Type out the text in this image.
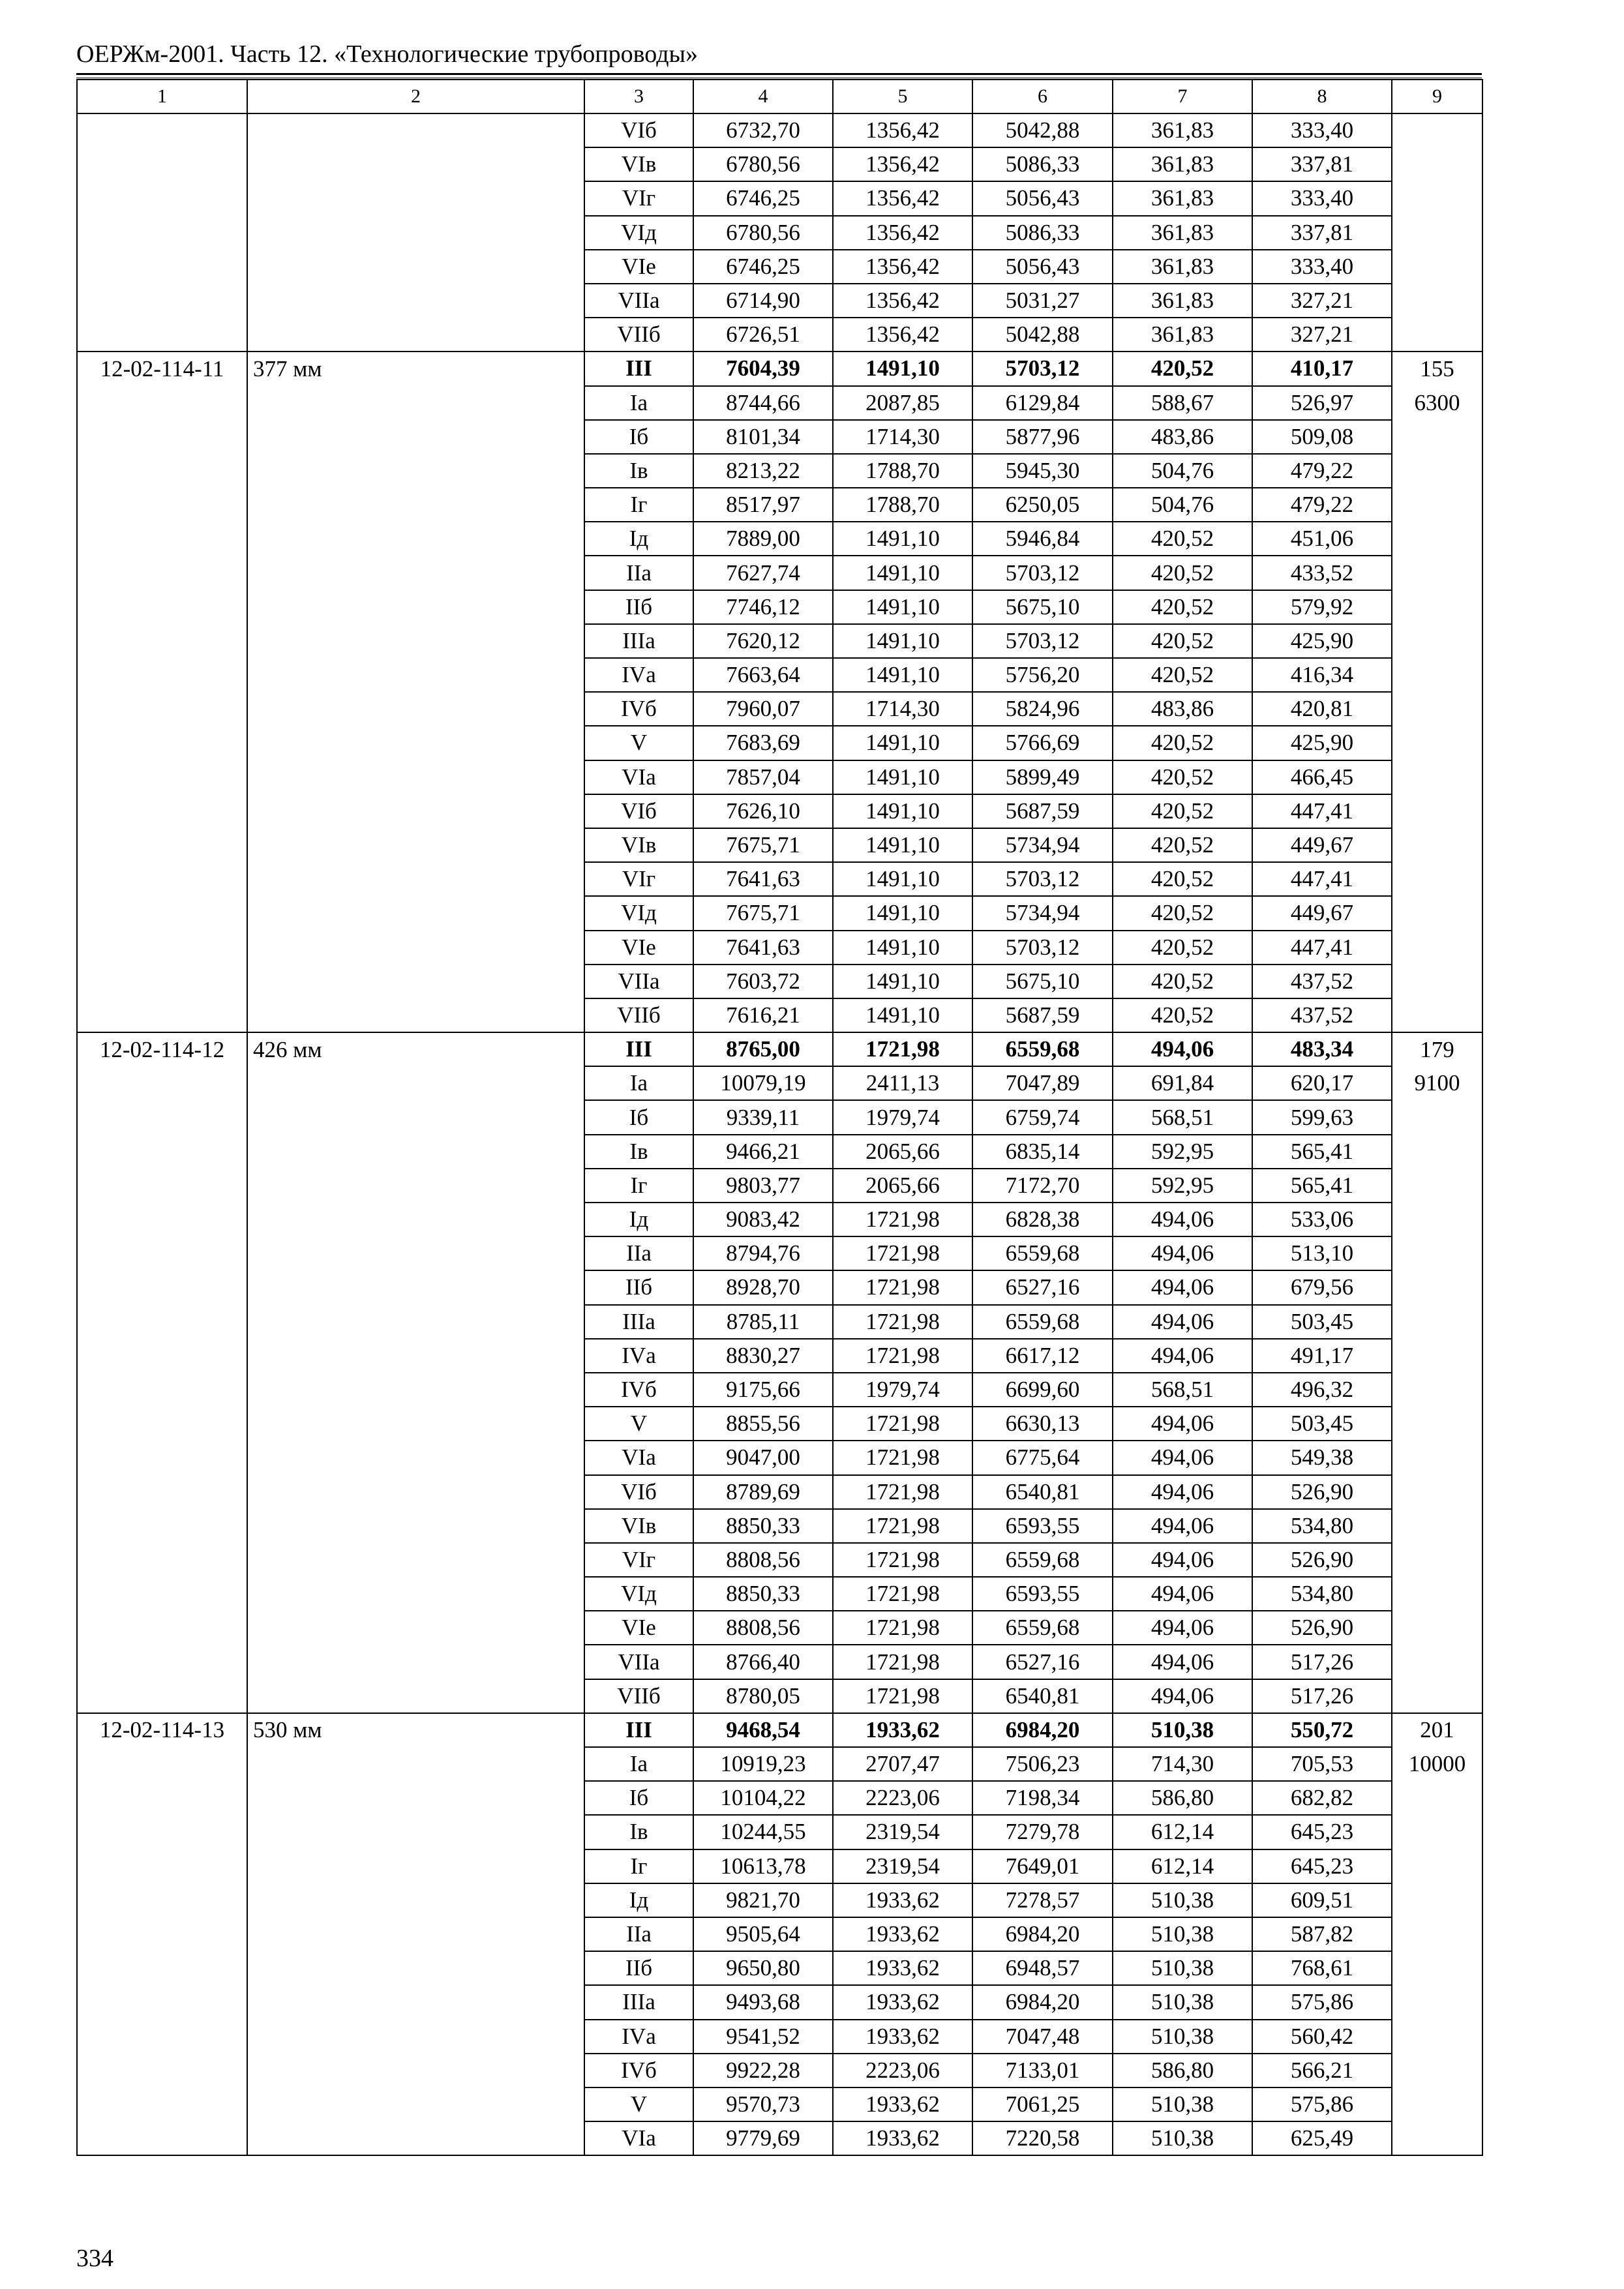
ОЕРЖм-2001. Часть 12. «Технологические трубопроводы»
1	2	3	4	5	6	7	8	9
		VIб	6732,70	1356,42	5042,88	361,83	333,40	
		VIв	6780,56	1356,42	5086,33	361,83	337,81	
		VIг	6746,25	1356,42	5056,43	361,83	333,40	
		VIд	6780,56	1356,42	5086,33	361,83	337,81	
		VIе	6746,25	1356,42	5056,43	361,83	333,40	
		VIIа	6714,90	1356,42	5031,27	361,83	327,21	
		VIIб	6726,51	1356,42	5042,88	361,83	327,21	
12-02-114-11	377 мм	III	7604,39	1491,10	5703,12	420,52	410,17	155
		Iа	8744,66	2087,85	6129,84	588,67	526,97	6300
		Iб	8101,34	1714,30	5877,96	483,86	509,08	
		Iв	8213,22	1788,70	5945,30	504,76	479,22	
		Iг	8517,97	1788,70	6250,05	504,76	479,22	
		Iд	7889,00	1491,10	5946,84	420,52	451,06	
		IIа	7627,74	1491,10	5703,12	420,52	433,52	
		IIб	7746,12	1491,10	5675,10	420,52	579,92	
		IIIа	7620,12	1491,10	5703,12	420,52	425,90	
		IVа	7663,64	1491,10	5756,20	420,52	416,34	
		IVб	7960,07	1714,30	5824,96	483,86	420,81	
		V	7683,69	1491,10	5766,69	420,52	425,90	
		VIа	7857,04	1491,10	5899,49	420,52	466,45	
		VIб	7626,10	1491,10	5687,59	420,52	447,41	
		VIв	7675,71	1491,10	5734,94	420,52	449,67	
		VIг	7641,63	1491,10	5703,12	420,52	447,41	
		VIд	7675,71	1491,10	5734,94	420,52	449,67	
		VIе	7641,63	1491,10	5703,12	420,52	447,41	
		VIIа	7603,72	1491,10	5675,10	420,52	437,52	
		VIIб	7616,21	1491,10	5687,59	420,52	437,52	
12-02-114-12	426 мм	III	8765,00	1721,98	6559,68	494,06	483,34	179
		Iа	10079,19	2411,13	7047,89	691,84	620,17	9100
		Iб	9339,11	1979,74	6759,74	568,51	599,63	
		Iв	9466,21	2065,66	6835,14	592,95	565,41	
		Iг	9803,77	2065,66	7172,70	592,95	565,41	
		Iд	9083,42	1721,98	6828,38	494,06	533,06	
		IIа	8794,76	1721,98	6559,68	494,06	513,10	
		IIб	8928,70	1721,98	6527,16	494,06	679,56	
		IIIа	8785,11	1721,98	6559,68	494,06	503,45	
		IVа	8830,27	1721,98	6617,12	494,06	491,17	
		IVб	9175,66	1979,74	6699,60	568,51	496,32	
		V	8855,56	1721,98	6630,13	494,06	503,45	
		VIа	9047,00	1721,98	6775,64	494,06	549,38	
		VIб	8789,69	1721,98	6540,81	494,06	526,90	
		VIв	8850,33	1721,98	6593,55	494,06	534,80	
		VIг	8808,56	1721,98	6559,68	494,06	526,90	
		VIд	8850,33	1721,98	6593,55	494,06	534,80	
		VIе	8808,56	1721,98	6559,68	494,06	526,90	
		VIIа	8766,40	1721,98	6527,16	494,06	517,26	
		VIIб	8780,05	1721,98	6540,81	494,06	517,26	
12-02-114-13	530 мм	III	9468,54	1933,62	6984,20	510,38	550,72	201
		Iа	10919,23	2707,47	7506,23	714,30	705,53	10000
		Iб	10104,22	2223,06	7198,34	586,80	682,82	
		Iв	10244,55	2319,54	7279,78	612,14	645,23	
		Iг	10613,78	2319,54	7649,01	612,14	645,23	
		Iд	9821,70	1933,62	7278,57	510,38	609,51	
		IIа	9505,64	1933,62	6984,20	510,38	587,82	
		IIб	9650,80	1933,62	6948,57	510,38	768,61	
		IIIа	9493,68	1933,62	6984,20	510,38	575,86	
		IVа	9541,52	1933,62	7047,48	510,38	560,42	
		IVб	9922,28	2223,06	7133,01	586,80	566,21	
		V	9570,73	1933,62	7061,25	510,38	575,86	
		VIа	9779,69	1933,62	7220,58	510,38	625,49	
334
